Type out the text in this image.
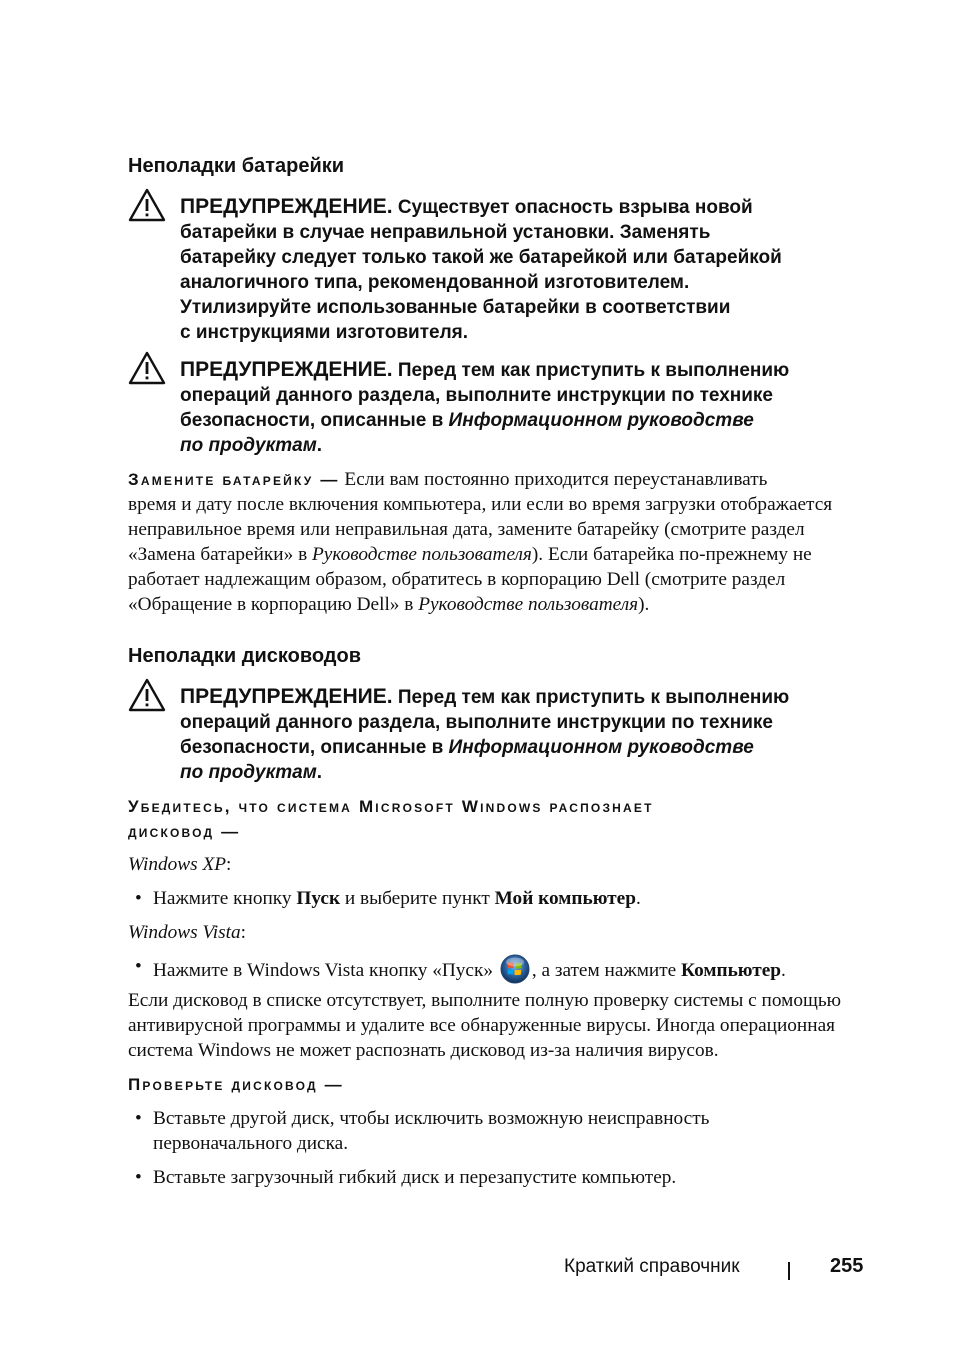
Неполадки батарейки
ПРЕДУПРЕЖДЕНИЕ. Существует опасность взрыва новой
батарейки в случае неправильной установки. Заменять
батарейку следует только такой же батарейкой или батарейкой
аналогичного типа, рекомендованной изготовителем.
Утилизируйте использованные батарейки в соответствии
с инструкциями изготовителя.
ПРЕДУПРЕЖДЕНИЕ. Перед тем как приступить к выполнению
операций данного раздела, выполните инструкции по технике
безопасности, описанные в Информационном руководстве
по продуктам.
Замените батарейку — Если вам постоянно приходится переустанавливать
время и дату после включения компьютера, или если во время загрузки отображается
неправильное время или неправильная дата, замените батарейку (смотрите раздел
«Замена батарейки» в Руководстве пользователя). Если батарейка по-прежнему не
работает надлежащим образом, обратитесь в корпорацию Dell (смотрите раздел
«Обращение в корпорацию Dell» в Руководстве пользователя).
Неполадки дисководов
ПРЕДУПРЕЖДЕНИЕ. Перед тем как приступить к выполнению
операций данного раздела, выполните инструкции по технике
безопасности, описанные в Информационном руководстве
по продуктам.
Убедитесь, что система Microsoft Windows распознает
дисковод —
Windows XP:
• Нажмите кнопку Пуск и выберите пункт Мой компьютер.
Windows Vista:
• Нажмите в Windows Vista кнопку «Пуск» , а затем нажмите Компьютер.
Если дисковод в списке отсутствует, выполните полную проверку системы с помощью
антивирусной программы и удалите все обнаруженные вирусы. Иногда операционная
система Windows не может распознать дисковод из-за наличия вирусов.
Проверьте дисковод —
• Вставьте другой диск, чтобы исключить возможную неисправность
первоначального диска.
• Вставьте загрузочный гибкий диск и перезапустите компьютер.
Краткий справочник	255
